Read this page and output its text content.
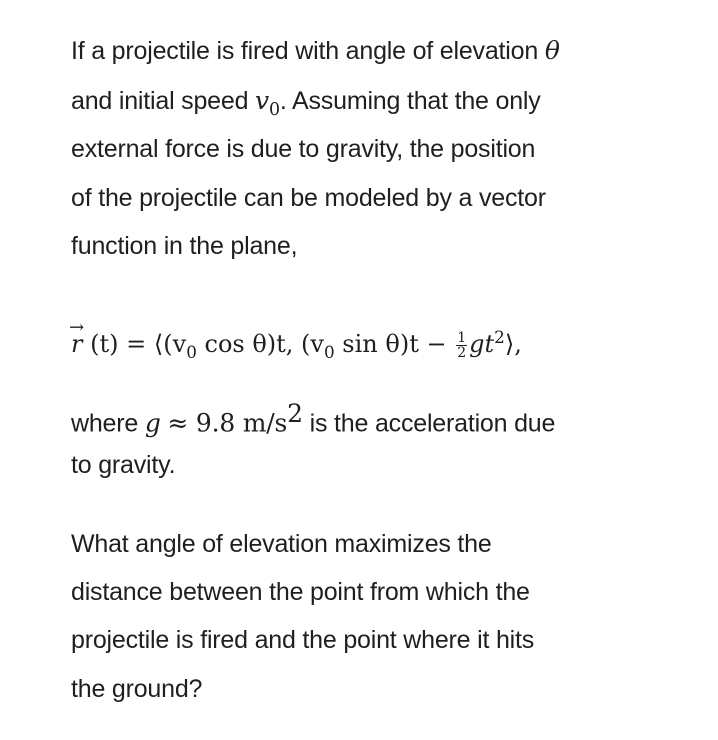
If a projectile is fired with angle of elevation θ
and initial speed $v_0$. Assuming that the only
external force is due to gravity, the position
of the projectile can be modeled by a vector
function in the plane,
→
r $(t) = ⟨(v_0$ cos θ)t, ($v_0$ $\sin \theta)t - \frac{1}{2}$ $gt^2⟩$,
where g ≈ 9.8 $m/s^2$ is the acceleration due
to gravity.
What angle of elevation maximizes the
distance between the point from which the
projectile is fired and the point where it hits
the ground?
